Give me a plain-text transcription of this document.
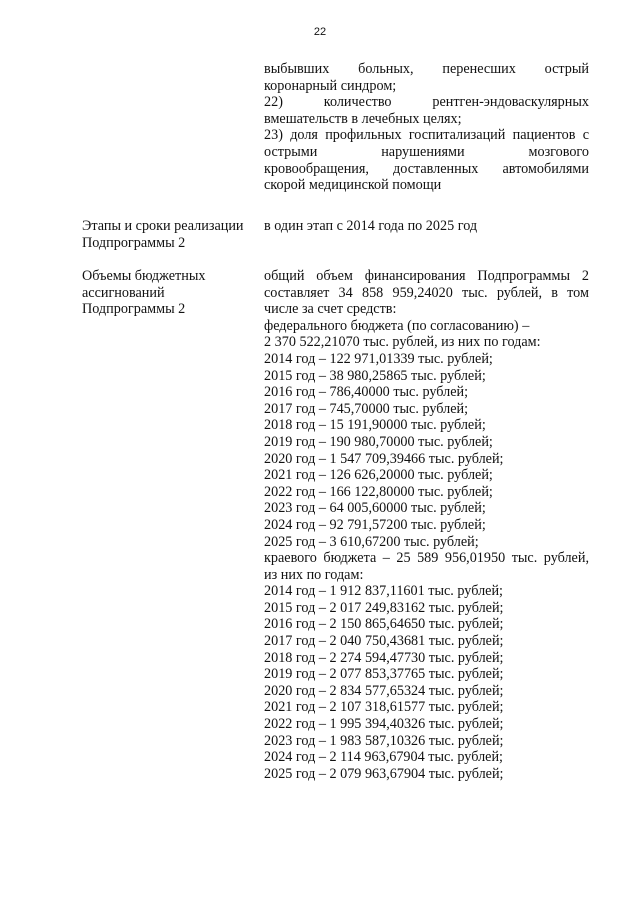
22
выбывших больных, перенесших острый
коронарный синдром;
22) количество рентген-эндоваскулярных
вмешательств в лечебных целях;
23) доля профильных госпитализаций пациентов с
острыми нарушениями мозгового
кровообращения, доставленных автомобилями
скорой медицинской помощи
Этапы и сроки реализации
Подпрограммы 2
в один этап с 2014 года по 2025 год
Объемы бюджетных
ассигнований
Подпрограммы 2
общий объем финансирования Подпрограммы 2
составляет 34 858 959,24020 тыс. рублей, в том
числе за счет средств:
федерального бюджета (по согласованию) –
2 370 522,21070 тыс. рублей, из них по годам:
2014 год – 122 971,01339 тыс. рублей;
2015 год – 38 980,25865 тыс. рублей;
2016 год – 786,40000 тыс. рублей;
2017 год – 745,70000 тыс. рублей;
2018 год – 15 191,90000 тыс. рублей;
2019 год – 190 980,70000 тыс. рублей;
2020 год – 1 547 709,39466 тыс. рублей;
2021 год – 126 626,20000 тыс. рублей;
2022 год – 166 122,80000 тыс. рублей;
2023 год – 64 005,60000 тыс. рублей;
2024 год – 92 791,57200 тыс. рублей;
2025 год – 3 610,67200 тыс. рублей;
краевого бюджета – 25 589 956,01950 тыс. рублей,
из них по годам:
2014 год – 1 912 837,11601 тыс. рублей;
2015 год – 2 017 249,83162 тыс. рублей;
2016 год – 2 150 865,64650 тыс. рублей;
2017 год – 2 040 750,43681 тыс. рублей;
2018 год – 2 274 594,47730 тыс. рублей;
2019 год – 2 077 853,37765 тыс. рублей;
2020 год – 2 834 577,65324 тыс. рублей;
2021 год – 2 107 318,61577 тыс. рублей;
2022 год – 1 995 394,40326 тыс. рублей;
2023 год – 1 983 587,10326 тыс. рублей;
2024 год – 2 114 963,67904 тыс. рублей;
2025 год – 2 079 963,67904 тыс. рублей;
